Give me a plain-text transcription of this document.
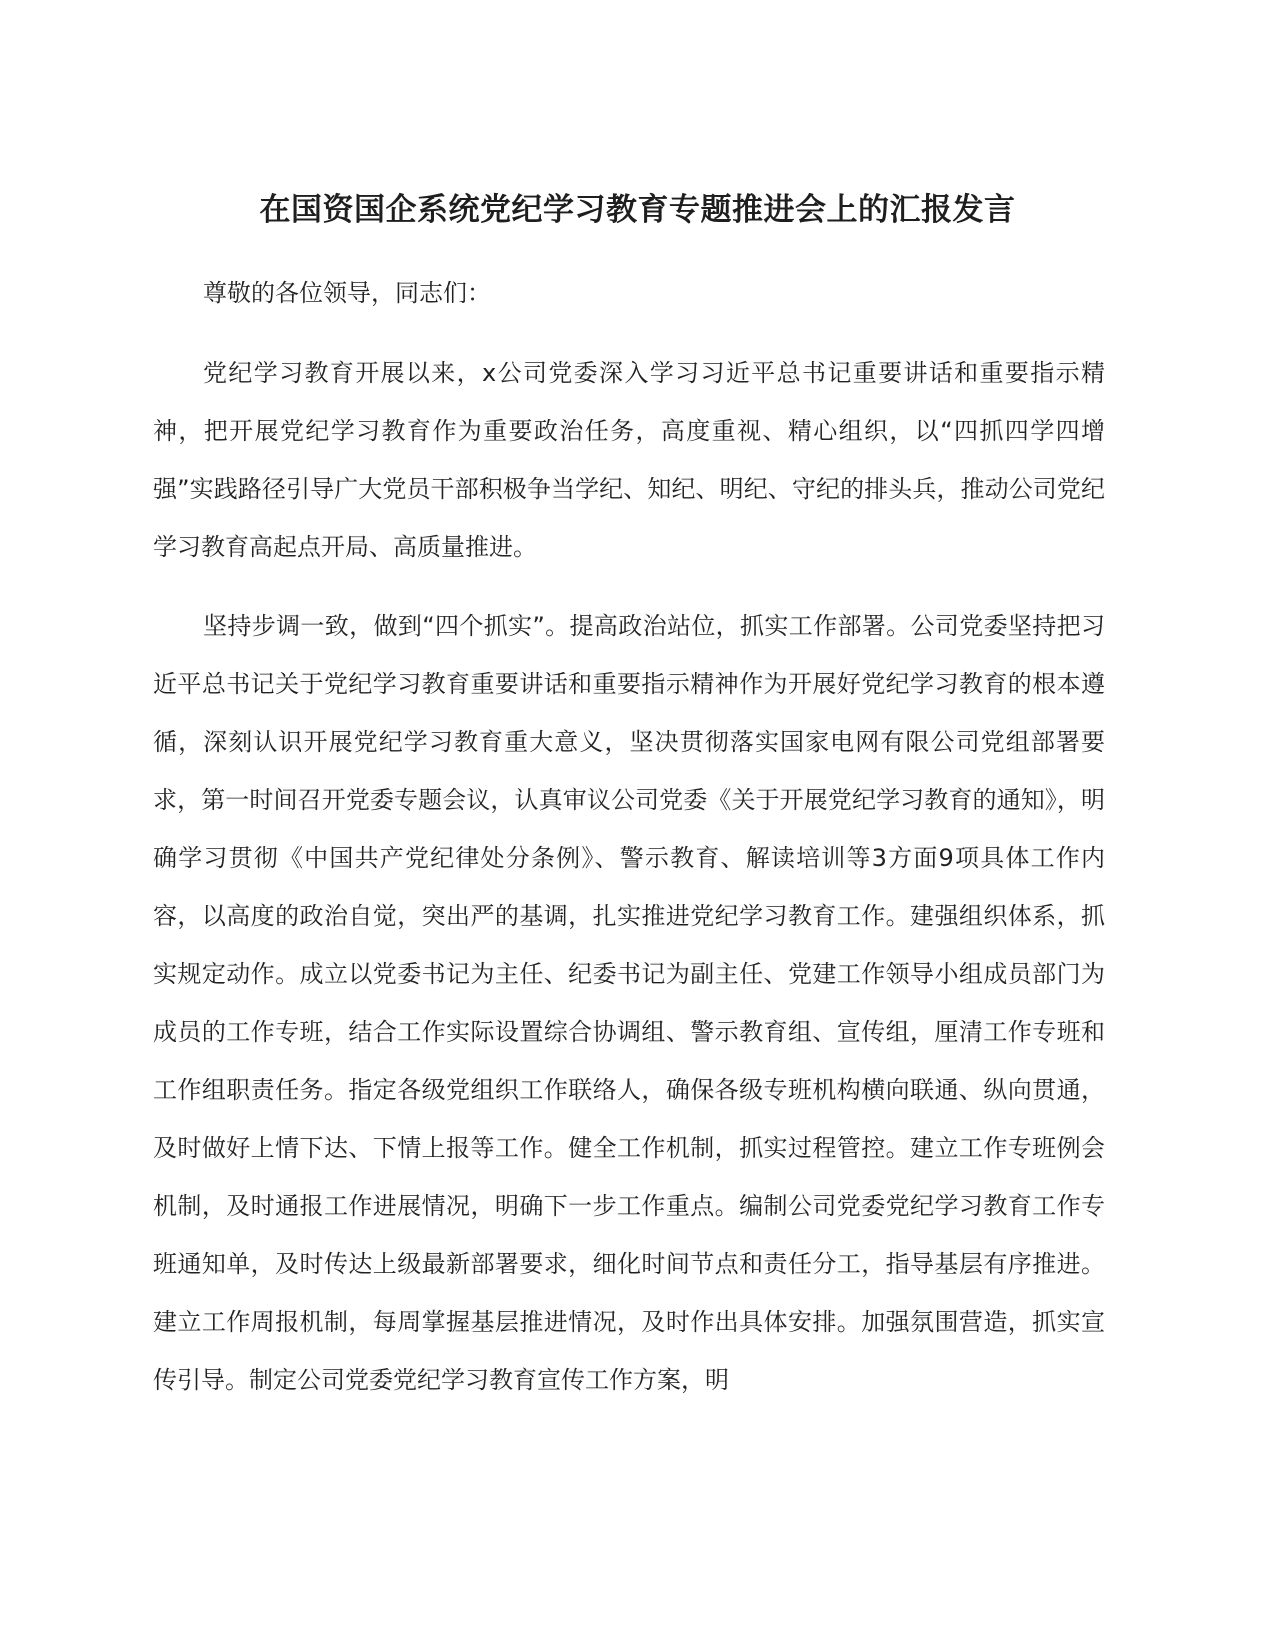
在国资国企系统党纪学习教育专题推进会上的汇报发言

尊敬的各位领导，同志们：

党纪学习教育开展以来，x公司党委深入学习习近平总书记重要讲话和重要指示精神，把开展党纪学习教育作为重要政治任务，高度重视、精心组织，以“四抓四学四增强”实践路径引导广大党员干部积极争当学纪、知纪、明纪、守纪的排头兵，推动公司党纪学习教育高起点开局、高质量推进。

坚持步调一致，做到“四个抓实”。提高政治站位，抓实工作部署。公司党委坚持把习近平总书记关于党纪学习教育重要讲话和重要指示精神作为开展好党纪学习教育的根本遵循，深刻认识开展党纪学习教育重大意义，坚决贯彻落实国家电网有限公司党组部署要求，第一时间召开党委专题会议，认真审议公司党委《关于开展党纪学习教育的通知》，明确学习贯彻《中国共产党纪律处分条例》、警示教育、解读培训等3方面9项具体工作内容，以高度的政治自觉，突出严的基调，扎实推进党纪学习教育工作。建强组织体系，抓实规定动作。成立以党委书记为主任、纪委书记为副主任、党建工作领导小组成员部门为成员的工作专班，结合工作实际设置综合协调组、警示教育组、宣传组，厘清工作专班和工作组职责任务。指定各级党组织工作联络人，确保各级专班机构横向联通、纵向贯通，及时做好上情下达、下情上报等工作。健全工作机制，抓实过程管控。建立工作专班例会机制，及时通报工作进展情况，明确下一步工作重点。编制公司党委党纪学习教育工作专班通知单，及时传达上级最新部署要求，细化时间节点和责任分工，指导基层有序推进。建立工作周报机制，每周掌握基层推进情况，及时作出具体安排。加强氛围营造，抓实宣传引导。制定公司党委党纪学习教育宣传工作方案，明
